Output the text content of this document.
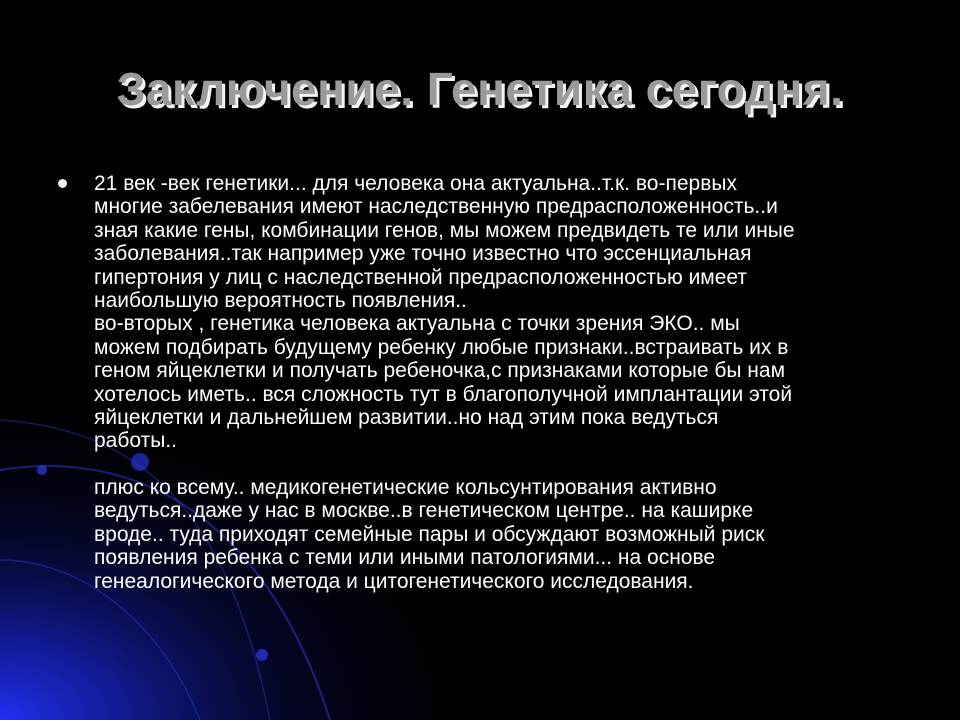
Заключение. Генетика сегодня.

21 век -век генетики... для человека она актуальна..т.к. во-первых
многие забелевания имеют наследственную предрасположенность..и
зная какие гены, комбинации генов, мы можем предвидеть те или иные
заболевания..так например уже точно известно что эссенциальная
гипертония у лиц с наследственной предрасположенностью имеет
наибольшую вероятность появления..

во-вторых , генетика человека актуальна с точки зрения ЭКО.. мы
можем подбирать будущему ребенку любые признаки..встраивать их в
геном яйцеклетки и получать ребеночка,с признаками которые бы нам
хотелось иметь.. вся сложность тут в благополучной имплантации этой
яйцеклетки и дальнейшем развитии..но над этим пока ведуться
работы..

плюс ко всему.. медикогенетические кольсунтирования активно
ведуться..даже у нас в москве..в генетическом центре.. на каширке
вроде.. туда приходят семейные пары и обсуждают возможный риск
появления ребенка с теми или иными патологиями... на основе
генеалогического метода и цитогенетического исследования.
